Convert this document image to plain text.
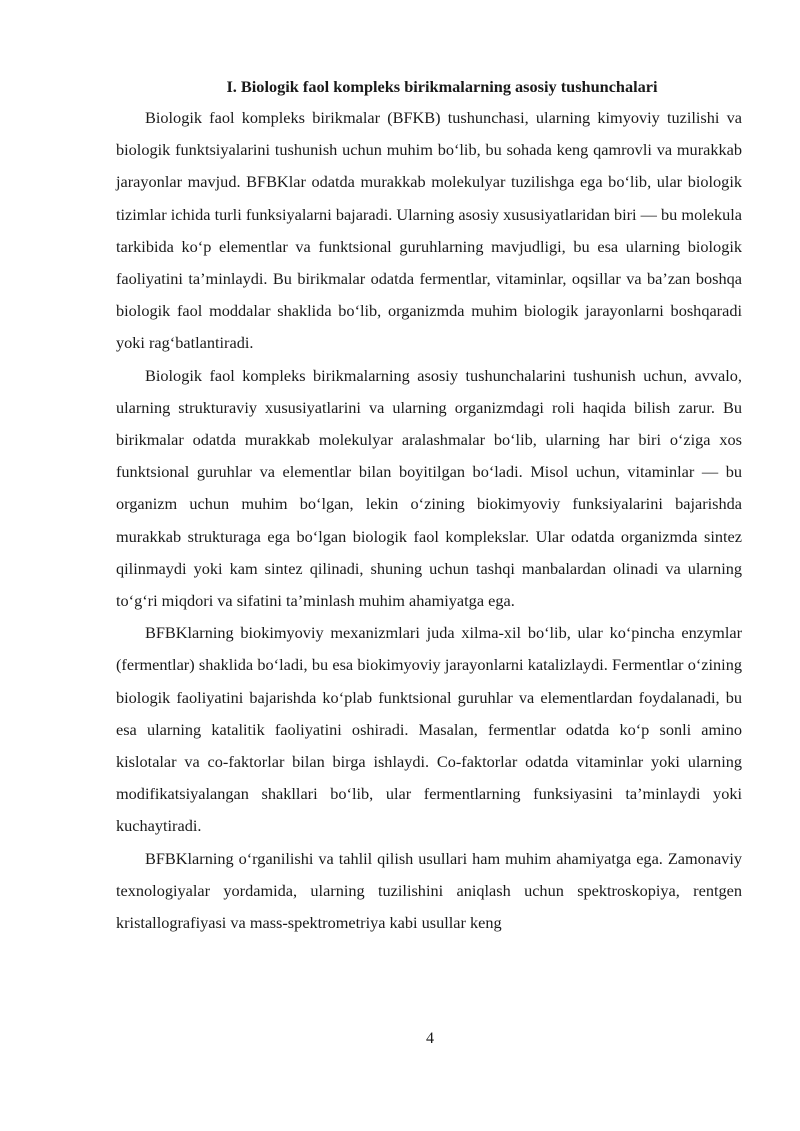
I. Biologik faol kompleks birikmalarning asosiy tushunchalari

Biologik faol kompleks birikmalar (BFKB) tushunchasi, ularning kimyoviy tuzilishi va biologik funktsiyalarini tushunish uchun muhim bo‘lib, bu sohada keng qamrovli va murakkab jarayonlar mavjud. BFBKlar odatda murakkab molekulyar tuzilishga ega bo‘lib, ular biologik tizimlar ichida turli funksiyalarni bajaradi. Ularning asosiy xususiyatlaridan biri — bu molekula tarkibida ko‘p elementlar va funktsional guruhlarning mavjudligi, bu esa ularning biologik faoliyatini ta’minlaydi. Bu birikmalar odatda fermentlar, vitaminlar, oqsillar va ba’zan boshqa biologik faol moddalar shaklida bo‘lib, organizmda muhim biologik jarayonlarni boshqaradi yoki rag‘batlantiradi.

Biologik faol kompleks birikmalarning asosiy tushunchalarini tushunish uchun, avvalo, ularning strukturaviy xususiyatlarini va ularning organizmdagi roli haqida bilish zarur. Bu birikmalar odatda murakkab molekulyar aralashmalar bo‘lib, ularning har biri o‘ziga xos funktsional guruhlar va elementlar bilan boyitilgan bo‘ladi. Misol uchun, vitaminlar — bu organizm uchun muhim bo‘lgan, lekin o‘zining biokimyoviy funksiyalarini bajarishda murakkab strukturaga ega bo‘lgan biologik faol komplekslar. Ular odatda organizmda sintez qilinmaydi yoki kam sintez qilinadi, shuning uchun tashqi manbalardan olinadi va ularning to‘g‘ri miqdori va sifatini ta’minlash muhim ahamiyatga ega.

BFBKlarning biokimyoviy mexanizmlari juda xilma-xil bo‘lib, ular ko‘pincha enzymlar (fermentlar) shaklida bo‘ladi, bu esa biokimyoviy jarayonlarni katalizlaydi. Fermentlar o‘zining biologik faoliyatini bajarishda ko‘plab funktsional guruhlar va elementlardan foydalanadi, bu esa ularning katalitik faoliyatini oshiradi. Masalan, fermentlar odatda ko‘p sonli amino kislotalar va co-faktorlar bilan birga ishlaydi. Co-faktorlar odatda vitaminlar yoki ularning modifikatsiyalangan shakllari bo‘lib, ular fermentlarning funksiyasini ta’minlaydi yoki kuchaytiradi.

BFBKlarning o‘rganilishi va tahlil qilish usullari ham muhim ahamiyatga ega. Zamonaviy texnologiyalar yordamida, ularning tuzilishini aniqlash uchun spektroskopiya, rentgen kristallografiyasi va mass-spektrometriya kabi usullar keng

4
